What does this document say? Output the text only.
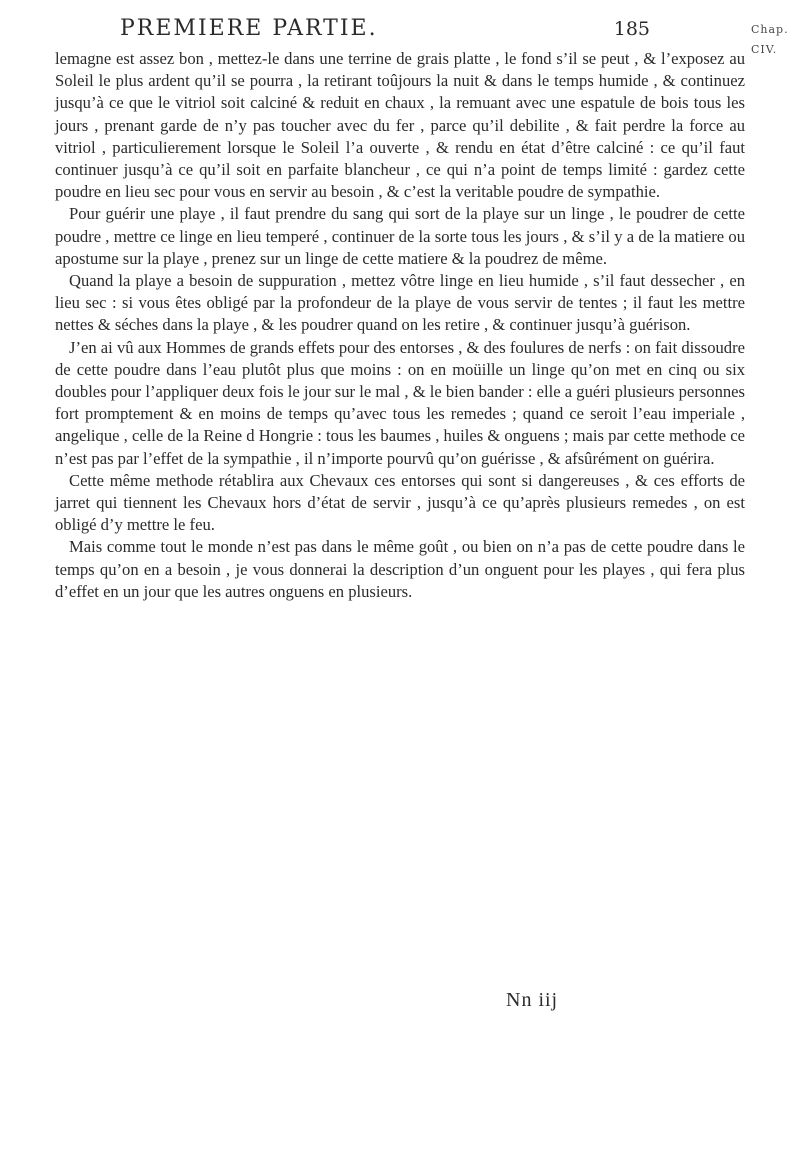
PREMIERE PARTIE.	185	Chap.
CIV.

lemagne est assez bon , mettez-le dans une terrine de grais platte , le fond s’il se peut , & l’exposez au Soleil le plus ardent qu’il se pourra , la retirant toûjours la nuit & dans le temps humide , & continuez jusqu’à ce que le vitriol soit calciné & reduit en chaux , la remuant avec une espatule de bois tous les jours , prenant garde de n’y pas toucher avec du fer , parce qu’il debilite , & fait perdre la force au vitriol , particulierement lorsque le Soleil l’a ouverte , & rendu en état d’être calciné : ce qu’il faut continuer jusqu’à ce qu’il soit en parfaite blancheur , ce qui n’a point de temps limité : gardez cette poudre en lieu sec pour vous en servir au besoin , & c’est la veritable poudre de sympathie.

Pour guérir une playe , il faut prendre du sang qui sort de la playe sur un linge , le poudrer de cette poudre , mettre ce linge en lieu temperé , continuer de la sorte tous les jours , & s’il y a de la matiere ou apostume sur la playe , prenez sur un linge de cette matiere & la poudrez de même.

Quand la playe a besoin de suppuration , mettez vôtre linge en lieu humide , s’il faut dessecher , en lieu sec : si vous êtes obligé par la profondeur de la playe de vous servir de tentes ; il faut les mettre nettes & séches dans la playe , & les poudrer quand on les retire , & continuer jusqu’à guérison.

J’en ai vû aux Hommes de grands effets pour des entorses , & des foulures de nerfs : on fait dissoudre de cette poudre dans l’eau plutôt plus que moins : on en moüille un linge qu’on met en cinq ou six doubles pour l’appliquer deux fois le jour sur le mal , & le bien bander : elle a guéri plusieurs personnes fort promptement & en moins de temps qu’avec tous les remedes ; quand ce seroit l’eau imperiale , angelique , celle de la Reine d Hongrie : tous les baumes , huiles & onguens ; mais par cette methode ce n’est pas par l’effet de la sympathie , il n’importe pourvû qu’on guérisse , & afsûrément on guérira.

Cette même methode rétablira aux Chevaux ces entorses qui sont si dangereuses , & ces efforts de jarret qui tiennent les Chevaux hors d’état de servir , jusqu’à ce qu’après plusieurs remedes , on est obligé d’y mettre le feu.

Mais comme tout le monde n’est pas dans le même goût , ou bien on n’a pas de cette poudre dans le temps qu’on en a besoin , je vous donnerai la description d’un onguent pour les playes , qui fera plus d’effet en un jour que les autres onguens en plusieurs.

Nn iij
